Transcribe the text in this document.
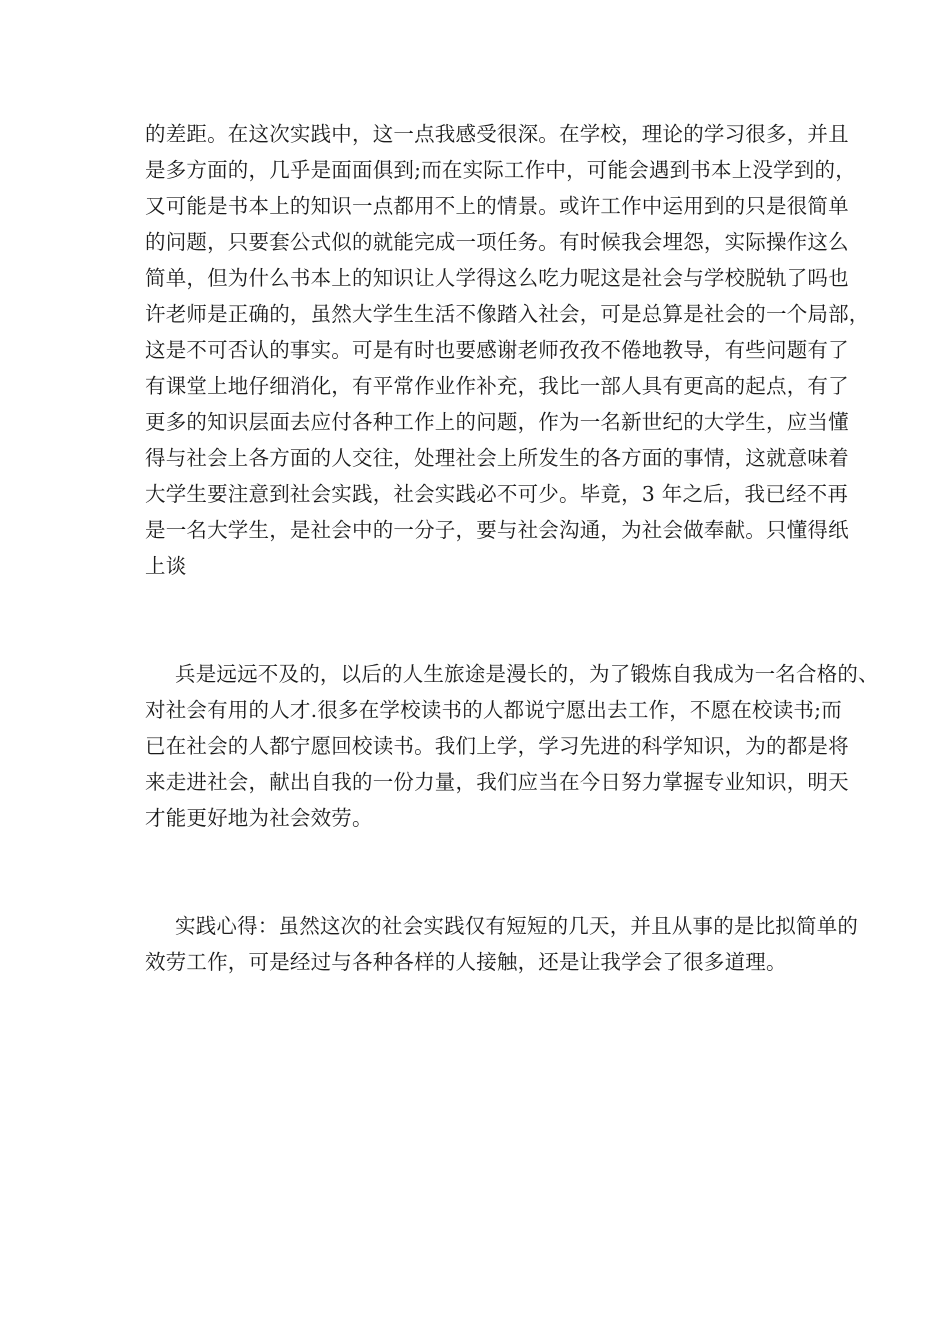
的差距。在这次实践中，这一点我感受很深。在学校，理论的学习很多，并且
是多方面的，几乎是面面俱到;而在实际工作中，可能会遇到书本上没学到的，
又可能是书本上的知识一点都用不上的情景。或许工作中运用到的只是很简单
的问题，只要套公式似的就能完成一项任务。有时候我会埋怨，实际操作这么
简单，但为什么书本上的知识让人学得这么吃力呢这是社会与学校脱轨了吗也
许老师是正确的，虽然大学生生活不像踏入社会，可是总算是社会的一个局部，
这是不可否认的事实。可是有时也要感谢老师孜孜不倦地教导，有些问题有了
有课堂上地仔细消化，有平常作业作补充，我比一部人具有更高的起点，有了
更多的知识层面去应付各种工作上的问题，作为一名新世纪的大学生，应当懂
得与社会上各方面的人交往，处理社会上所发生的各方面的事情，这就意味着
大学生要注意到社会实践，社会实践必不可少。毕竟，3 年之后，我已经不再
是一名大学生，是社会中的一分子，要与社会沟通，为社会做奉献。只懂得纸
上谈
兵是远远不及的，以后的人生旅途是漫长的，为了锻炼自我成为一名合格的、
对社会有用的人才.很多在学校读书的人都说宁愿出去工作，不愿在校读书;而
已在社会的人都宁愿回校读书。我们上学，学习先进的科学知识，为的都是将
来走进社会，献出自我的一份力量，我们应当在今日努力掌握专业知识，明天
才能更好地为社会效劳。
实践心得：虽然这次的社会实践仅有短短的几天，并且从事的是比拟简单的
效劳工作，可是经过与各种各样的人接触，还是让我学会了很多道理。
